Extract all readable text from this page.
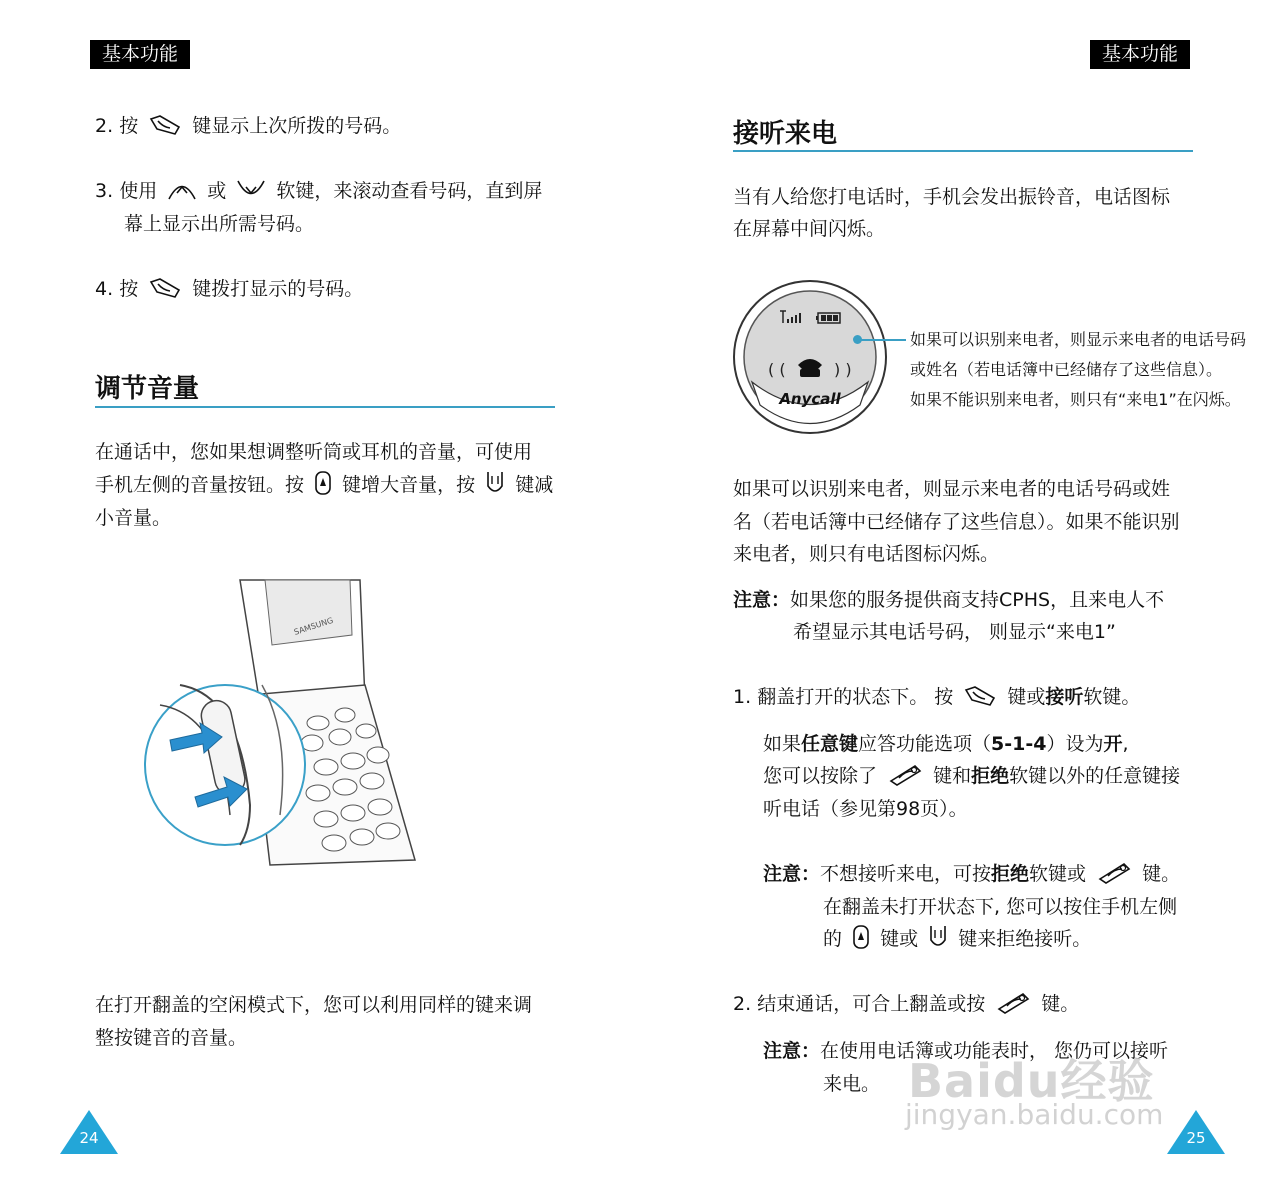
基本功能
2. 按	键显示上次所拨的号码。
3. 使用	或	软键，来滚动查看号码，直到屏
幕上显示出所需号码。
4. 按	键拨打显示的号码。
调节音量
在通话中，您如果想调整听筒或耳机的音量，可使用
手机左侧的音量按钮。按 键增大音量，按 键减
小音量。
SAMSUNG
在打开翻盖的空闲模式下，您可以利用同样的键来调
整按键音的音量。
24
基本功能
接听来电
当有人给您打电话时，手机会发出振铃音，电话图标
在屏幕中间闪烁。
( (	) )
Anycall
如果可以识别来电者，则显示来电者的电话号码
或姓名（若电话簿中已经储存了这些信息）。
如果不能识别来电者，则只有“来电1”在闪烁。
如果可以识别来电者，则显示来电者的电话号码或姓
名（若电话簿中已经储存了这些信息）。如果不能识别
来电者，则只有电话图标闪烁。
注意：如果您的服务提供商支持CPHS，且来电人不
希望显示其电话号码， 则显示“来电1”
1. 翻盖打开的状态下。 按	键或接听软键。
如果任意键应答功能选项（5-1-4）设为开,
您可以按除了	键和拒绝软键以外的任意键接
听电话（参见第98页）。
注意：不想接听来电，可按拒绝软键或	键。
在翻盖未打开状态下, 您可以按住手机左侧
的 键或 键来拒绝接听。
2. 结束通话，可合上翻盖或按	键。
注意：在使用电话簿或功能表时， 您仍可以接听
来电。 Baidu经验
jingyan.baidu.com
25
